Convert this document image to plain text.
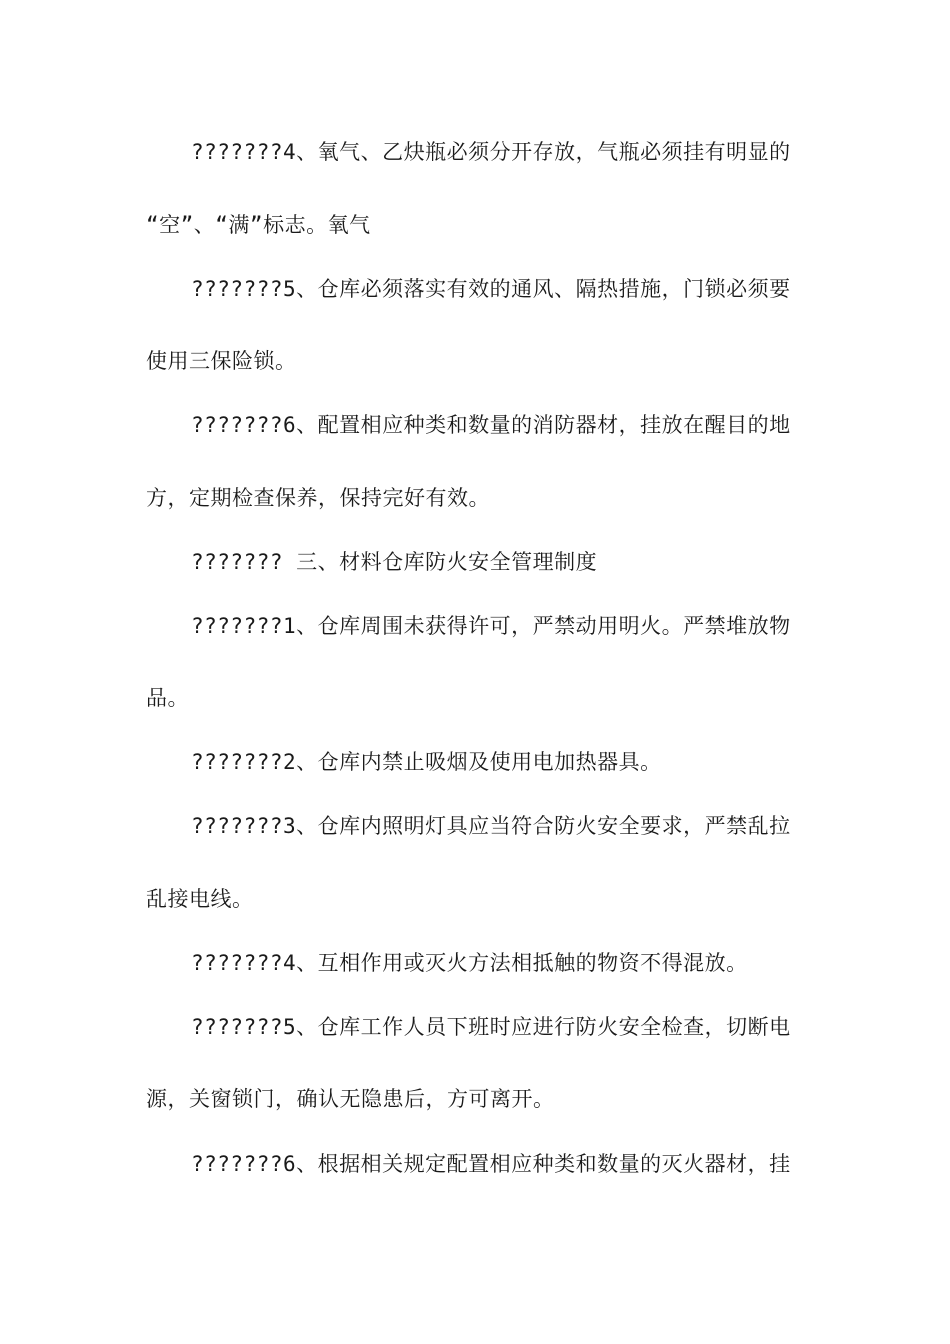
???????4、氧气、乙炔瓶必须分开存放，气瓶必须挂有明显的
“空”、“满”标志。氧气
???????5、仓库必须落实有效的通风、隔热措施，门锁必须要
使用三保险锁。
???????6、配置相应种类和数量的消防器材，挂放在醒目的地
方，定期检查保养，保持完好有效。
??????? 三、材料仓库防火安全管理制度
???????1、仓库周围未获得许可，严禁动用明火。严禁堆放物
品。
???????2、仓库内禁止吸烟及使用电加热器具。
???????3、仓库内照明灯具应当符合防火安全要求，严禁乱拉
乱接电线。
???????4、互相作用或灭火方法相抵触的物资不得混放。
???????5、仓库工作人员下班时应进行防火安全检查，切断电
源，关窗锁门，确认无隐患后，方可离开。
???????6、根据相关规定配置相应种类和数量的灭火器材，挂
